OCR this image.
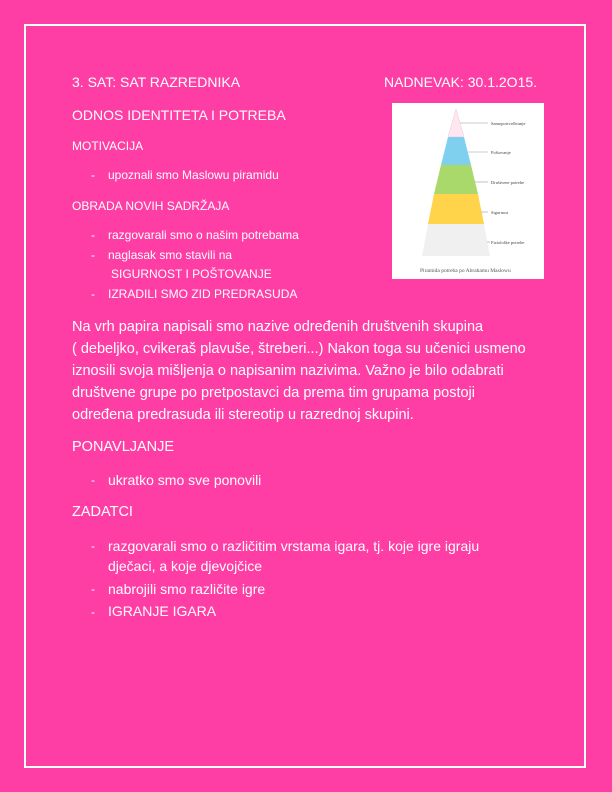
3. SAT: SAT RAZREDNIKA	NADNEVAK: 30.1.2O15.
ODNOS IDENTITETA I POTREBA
MOTIVACIJA
- upoznali smo Maslowu piramidu
OBRADA NOVIH SADRŽAJA
- razgovarali smo o našim potrebama
- naglasak smo stavili na
SIGURNOST I POŠTOVANJE
- IZRADILI SMO ZID PREDRASUDA
Samoportvrđivanje
Poštovanje
Društvene potrebe
Sigurnost
Fiziološke potrebe
Piramida potreba po Abrahamu Maslowu
Na vrh papira napisali smo nazive određenih društvenih skupina
( debeljko, cvikeraš plavuše, štreberi...) Nakon toga su učenici usmeno
iznosili svoja mišljenja o napisanim nazivima. Važno je bilo odabrati
društvene grupe po pretpostavci da prema tim grupama postoji
određena predrasuda ili stereotip u razrednoj skupini.
PONAVLJANJE
- ukratko smo sve ponovili
ZADATCI
- razgovarali smo o različitim vrstama igara, tj. koje igre igraju
dječaci, a koje djevojčice
- nabrojili smo različite igre
- IGRANJE IGARA
